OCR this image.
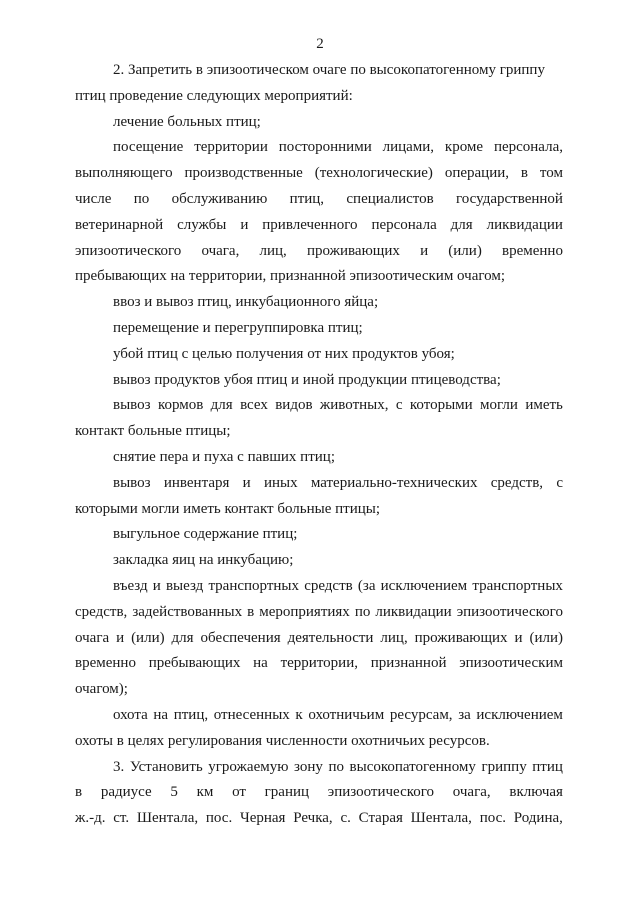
2
2. Запретить в эпизоотическом очаге по высокопатогенному гриппу
птиц проведение следующих мероприятий:
лечение больных птиц;
посещение территории посторонними лицами, кроме персонала,
выполняющего производственные (технологические) операции, в том
числе по обслуживанию птиц, специалистов государственной
ветеринарной службы и привлеченного персонала для ликвидации
эпизоотического очага, лиц, проживающих и (или) временно
пребывающих на территории, признанной эпизоотическим очагом;
ввоз и вывоз птиц, инкубационного яйца;
перемещение и перегруппировка птиц;
убой птиц с целью получения от них продуктов убоя;
вывоз продуктов убоя птиц и иной продукции птицеводства;
вывоз кормов для всех видов животных, с которыми могли иметь
контакт больные птицы;
снятие пера и пуха с павших птиц;
вывоз инвентаря и иных материально-технических средств, с
которыми могли иметь контакт больные птицы;
выгульное содержание птиц;
закладка яиц на инкубацию;
въезд и выезд транспортных средств (за исключением транспортных
средств, задействованных в мероприятиях по ликвидации эпизоотического
очага и (или) для обеспечения деятельности лиц, проживающих и (или)
временно пребывающих на территории, признанной эпизоотическим
очагом);
охота на птиц, отнесенных к охотничьим ресурсам, за исключением
охоты в целях регулирования численности охотничьих ресурсов.
3. Установить угрожаемую зону по высокопатогенному гриппу птиц
в радиусе 5 км от границ эпизоотического очага, включая
ж.-д. ст. Шентала, пос. Черная Речка, с. Старая Шентала, пос. Родина,
